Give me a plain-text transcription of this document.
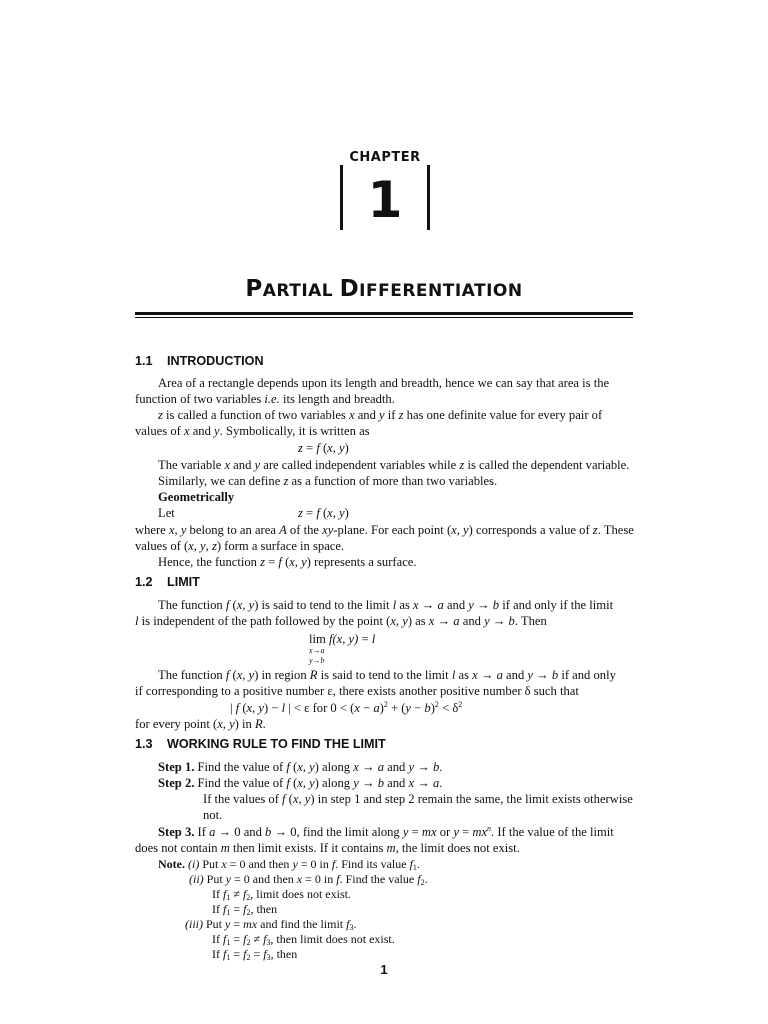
CHAPTER
1
PARTIAL DIFFERENTIATION
1.1 INTRODUCTION
Area of a rectangle depends upon its length and breadth, hence we can say that area is the
function of two variables i.e. its length and breadth.
z is called a function of two variables x and y if z has one definite value for every pair of
values of x and y. Symbolically, it is written as
z = f (x, y)
The variable x and y are called independent variables while z is called the dependent variable.
Similarly, we can define z as a function of more than two variables.
Geometrically
Let	z = f (x, y)
where x, y belong to an area A of the xy-plane. For each point (x, y) corresponds a value of z. These
values of (x, y, z) form a surface in space.
Hence, the function z = f (x, y) represents a surface.
1.2 LIMIT
The function f (x, y) is said to tend to the limit l as x → a and y → b if and only if the limit
l is independent of the path followed by the point (x, y) as x → a and y → b. Then
lim f(x, y) = l
x→a
y→b
The function f (x, y) in region R is said to tend to the limit l as x → a and y → b if and only
if corresponding to a positive number ε, there exists another positive number δ such that
| f (x, y) − l | < ε for $0 < (x - a)^2 + (y - b)^2 < \delta^2$
for every point (x, y) in R.
1.3 WORKING RULE TO FIND THE LIMIT
Step 1. Find the value of f (x, y) along x → a and y → b.
Step 2. Find the value of f (x, y) along y → b and x → a.
If the values of f (x, y) in step 1 and step 2 remain the same, the limit exists otherwise
not.
Step 3. If a → 0 and b → 0, find the limit along y = mx or $y = mx^n$. If the value of the limit
does not contain m then limit exists. If it contains m, the limit does not exist.
Note. (i) Put x = 0 and then y = 0 in f. Find its value $f_1$.
(ii) Put y = 0 and then x = 0 in f. Find the value $f_2$.
If $f_1 \ne f_2$, limit does not exist.
If $f_1 = f_2$, then
(iii) Put y = mx and find the limit $f_3$.
If $f_1 = f_2 \ne f_3$, then limit does not exist.
If $f_1 = f_2 = f_3$, then
1
